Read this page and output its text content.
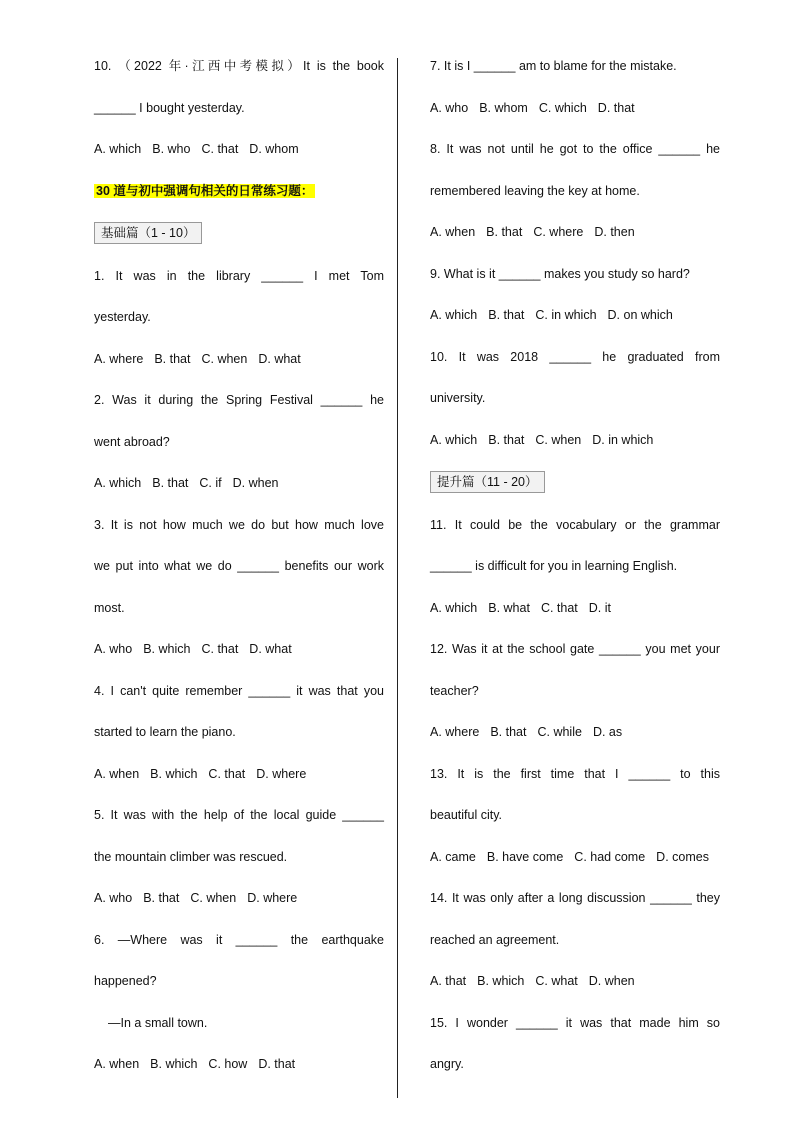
10. （2022 年·江西中考模拟）It is the book
______ I bought yesterday.
A. which B. who C. that D. whom
30 道与初中强调句相关的日常练习题：
基础篇（1 - 10）
1. It was in the library ______ I met Tom
yesterday.
A. where B. that C. when D. what
2. Was it during the Spring Festival ______ he
went abroad?
A. which B. that C. if D. when
3. It is not how much we do but how much love
we put into what we do ______ benefits our work
most.
A. who B. which C. that D. what
4. I can't quite remember ______ it was that you
started to learn the piano.
A. when B. which C. that D. where
5. It was with the help of the local guide ______
the mountain climber was rescued.
A. who B. that C. when D. where
6. —Where was it ______ the earthquake
happened?
—In a small town.
A. when B. which C. how D. that
7. It is I ______ am to blame for the mistake.
A. who B. whom C. which D. that
8. It was not until he got to the office ______ he
remembered leaving the key at home.
A. when B. that C. where D. then
9. What is it ______ makes you study so hard?
A. which B. that C. in which D. on which
10. It was 2018 ______ he graduated from
university.
A. which B. that C. when D. in which
提升篇（11 - 20）
11. It could be the vocabulary or the grammar
______ is difficult for you in learning English.
A. which B. what C. that D. it
12. Was it at the school gate ______ you met your
teacher?
A. where B. that C. while D. as
13. It is the first time that I ______ to this
beautiful city.
A. came B. have come C. had come D. comes
14. It was only after a long discussion ______ they
reached an agreement.
A. that B. which C. what D. when
15. I wonder ______ it was that made him so
angry.
